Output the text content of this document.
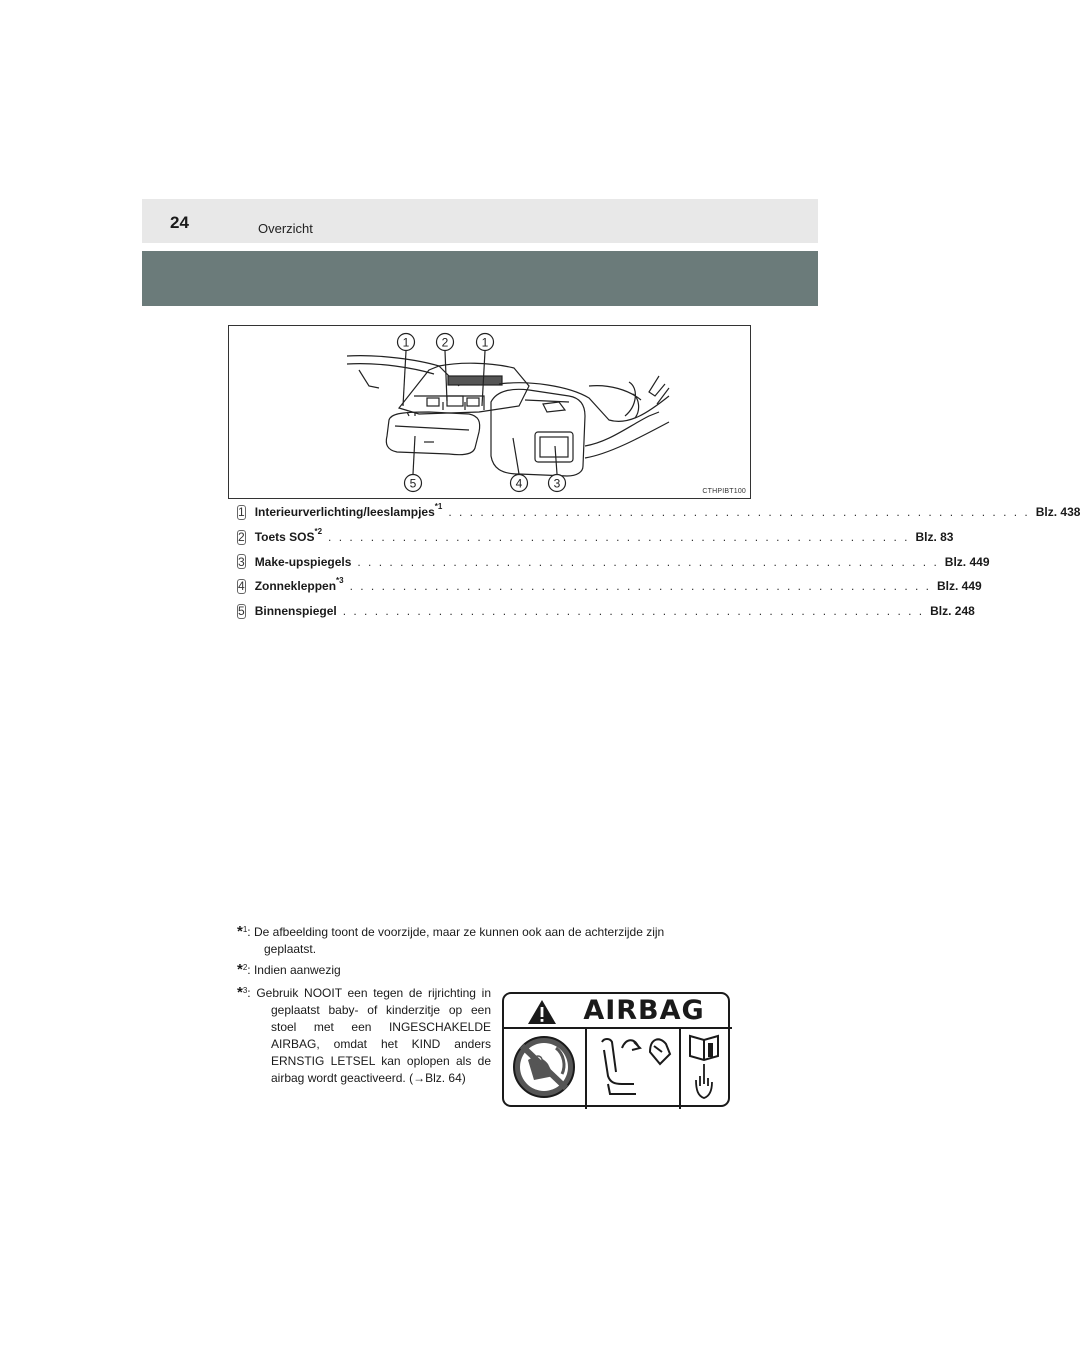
24	Overzicht
1	2	1
5	4	3
CTHPIBT100
1 Interieurverlichting/leeslampjes$^{*1}$ . . . . . . . . . . . . . . . . . . . . . . . . . . . . . . . . . . . . . . . . . . . . . . . . . . . . . . . Blz. 438
2 Toets SOS$^{*2}$ . . . . . . . . . . . . . . . . . . . . . . . . . . . . . . . . . . . . . . . . . . . . . . . . . . . . . . . Blz. 83
3 Make-upspiegels . . . . . . . . . . . . . . . . . . . . . . . . . . . . . . . . . . . . . . . . . . . . . . . . . . . . . . . Blz. 449
4 Zonnekleppen$^{*3}$ . . . . . . . . . . . . . . . . . . . . . . . . . . . . . . . . . . . . . . . . . . . . . . . . . . . . . . . Blz. 449
5 Binnenspiegel . . . . . . . . . . . . . . . . . . . . . . . . . . . . . . . . . . . . . . . . . . . . . . . . . . . . . . . Blz. 248
*$^1$: De afbeelding toont de voorzijde, maar ze kunnen ook aan de achterzijde zijn
geplaatst.
*$^2$: Indien aanwezig
*$^3$: Gebruik NOOIT een tegen de rijrichting in geplaatst baby- of kinderzitje op een stoel met een INGESCHAKELDE AIRBAG, omdat het KIND anders ERNSTIG LETSEL kan oplopen als de airbag wordt geactiveerd. (→Blz. 64)
AIRBAG
